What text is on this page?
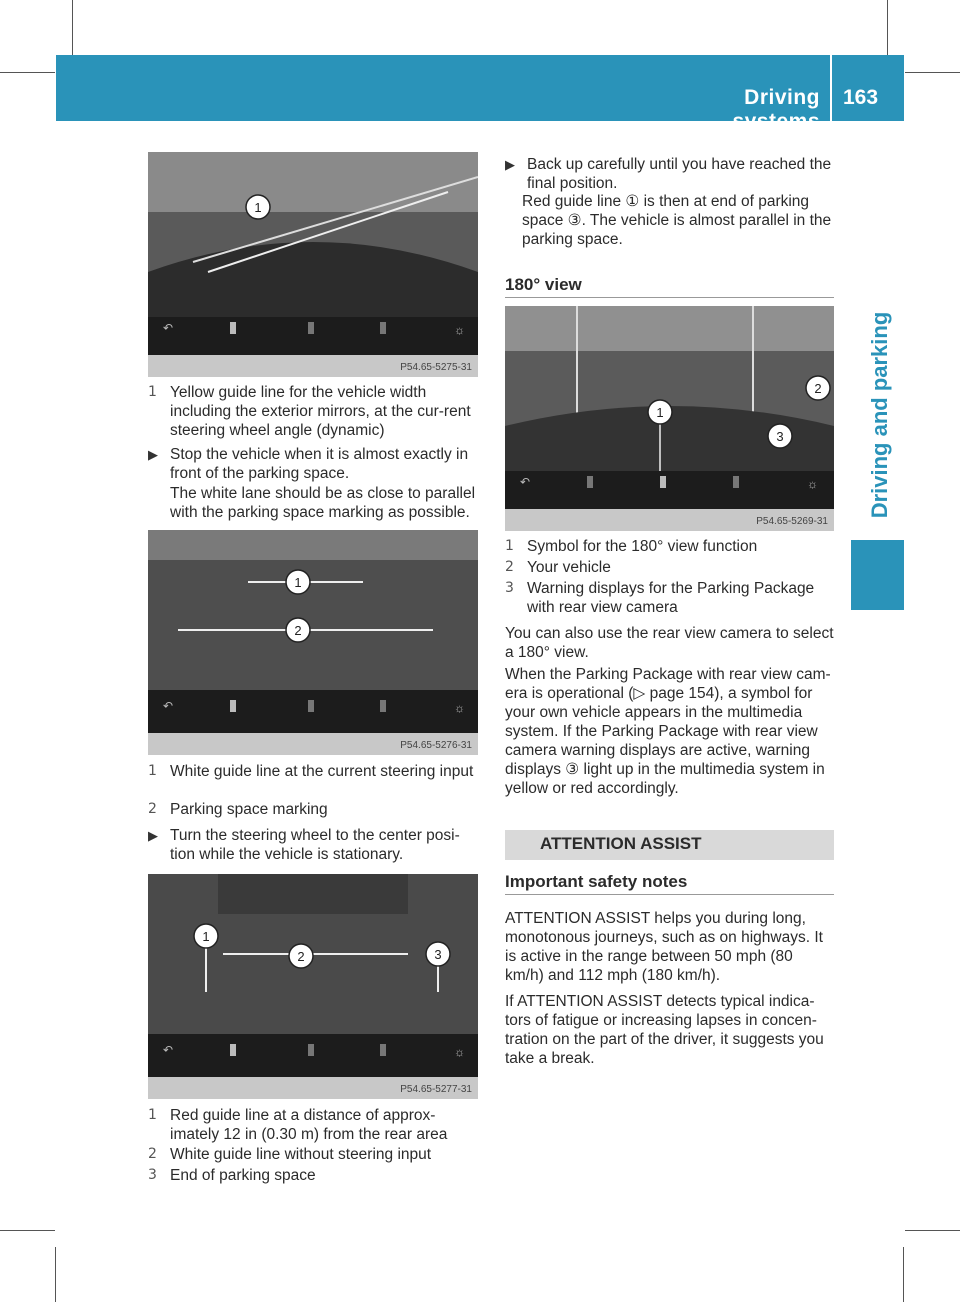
Driving systems
163
Driving and parking
1
↶	☼
P54.65-5275-31
1 Yellow guide line for the vehicle width including the exterior mirrors, at the cur-rent steering wheel angle (dynamic)
▶ Stop the vehicle when it is almost exactly in front of the parking space.
The white lane should be as close to parallel with the parking space marking as possible.
1
2
↶	☼
P54.65-5276-31
1 White guide line at the current steering input
2 Parking space marking
▶ Turn the steering wheel to the center posi-tion while the vehicle is stationary.
1
2	3
↶	☼
P54.65-5277-31
1 Red guide line at a distance of approx-imately 12 in (0.30 m) from the rear area
2 White guide line without steering input
3 End of parking space
▶ Back up carefully until you have reached the final position.
Red guide line ① is then at end of parking space ③. The vehicle is almost parallel in the parking space.
180° view
1
2
3
↶	☼
P54.65-5269-31
1 Symbol for the 180° view function
2 Your vehicle
3 Warning displays for the Parking Package with rear view camera
You can also use the rear view camera to select a 180° view.
When the Parking Package with rear view cam-era is operational (▷ page 154), a symbol for your own vehicle appears in the multimedia system. If the Parking Package with rear view camera warning displays are active, warning displays ③ light up in the multimedia system in yellow or red accordingly.
ATTENTION ASSIST
Important safety notes
ATTENTION ASSIST helps you during long, monotonous journeys, such as on highways. It is active in the range between 50 mph (80 km/h) and 112 mph (180 km/h).
If ATTENTION ASSIST detects typical indica-tors of fatigue or increasing lapses in concen-tration on the part of the driver, it suggests you take a break.
